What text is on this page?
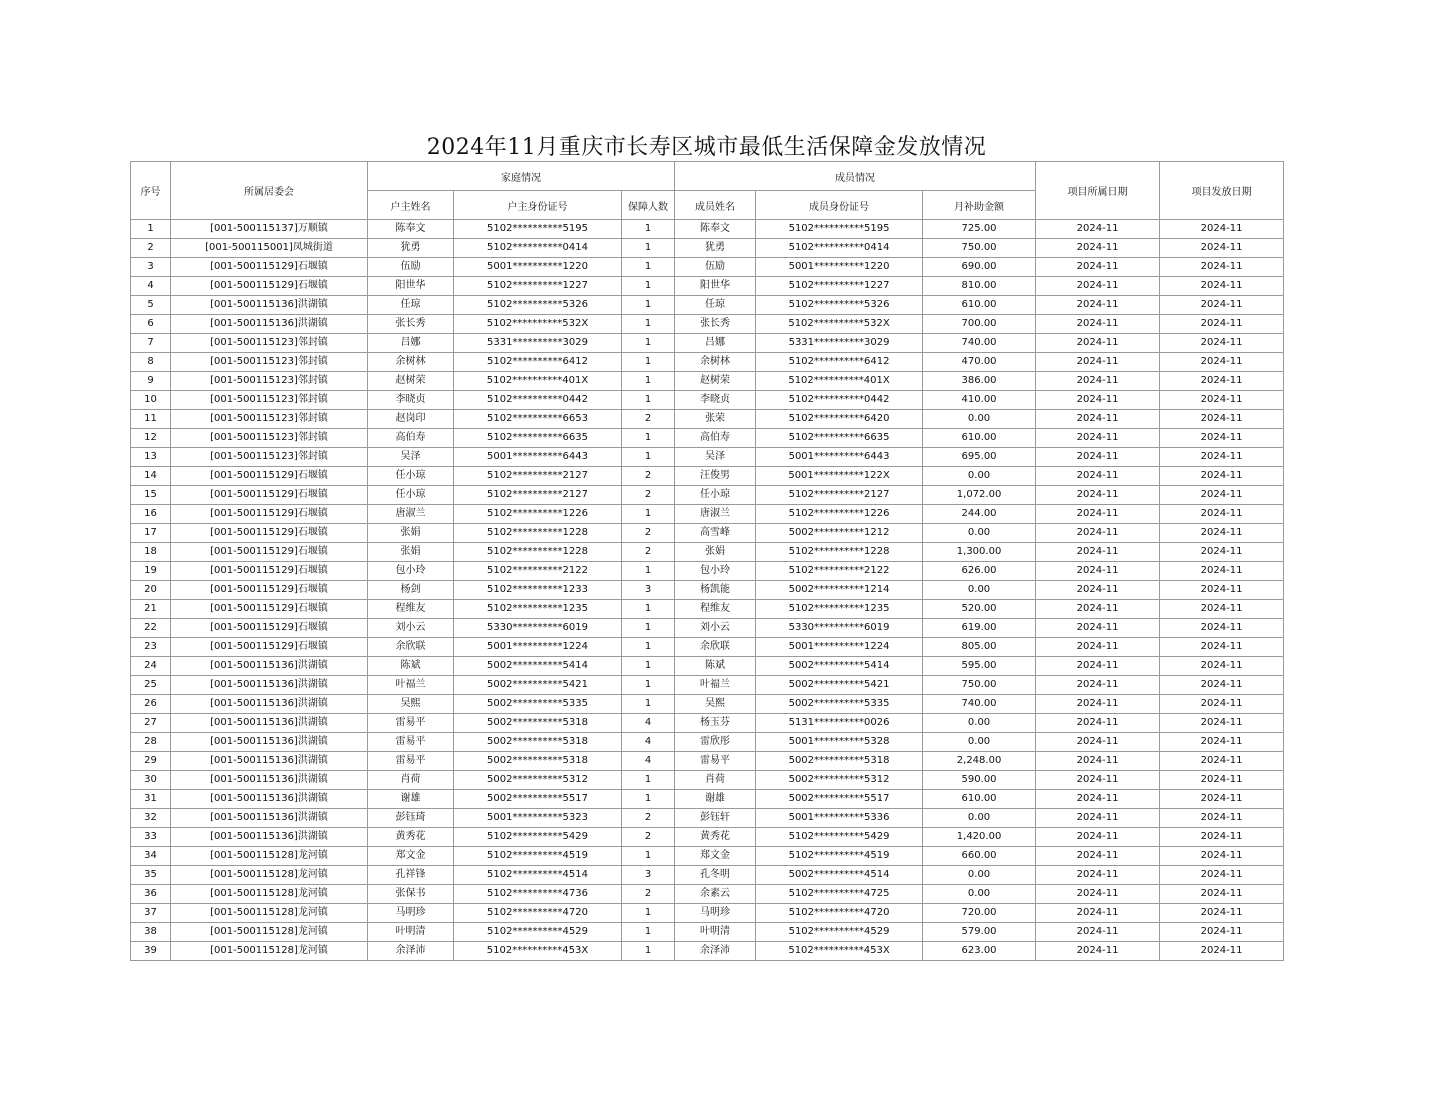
2024年11月重庆市长寿区城市最低生活保障金发放情况
序号	所属居委会	家庭情况			成员情况			项目所属日期	项目发放日期
		户主姓名	户主身份证号	保障人数	成员姓名	成员身份证号	月补助金额		
1	[001-500115137]万顺镇	陈奉文	5102**********5195	1	陈奉文	5102**********5195	725.00	2024-11	2024-11
2	[001-500115001]凤城街道	犹勇	5102**********0414	1	犹勇	5102**********0414	750.00	2024-11	2024-11
3	[001-500115129]石堰镇	伍励	5001**********1220	1	伍励	5001**********1220	690.00	2024-11	2024-11
4	[001-500115129]石堰镇	阳世华	5102**********1227	1	阳世华	5102**********1227	810.00	2024-11	2024-11
5	[001-500115136]洪湖镇	任琼	5102**********5326	1	任琼	5102**********5326	610.00	2024-11	2024-11
6	[001-500115136]洪湖镇	张长秀	5102**********532X	1	张长秀	5102**********532X	700.00	2024-11	2024-11
7	[001-500115123]邻封镇	吕娜	5331**********3029	1	吕娜	5331**********3029	740.00	2024-11	2024-11
8	[001-500115123]邻封镇	余树林	5102**********6412	1	余树林	5102**********6412	470.00	2024-11	2024-11
9	[001-500115123]邻封镇	赵树荣	5102**********401X	1	赵树荣	5102**********401X	386.00	2024-11	2024-11
10	[001-500115123]邻封镇	李晓贞	5102**********0442	1	李晓贞	5102**********0442	410.00	2024-11	2024-11
11	[001-500115123]邻封镇	赵岗印	5102**********6653	2	张荣	5102**********6420	0.00	2024-11	2024-11
12	[001-500115123]邻封镇	高伯寿	5102**********6635	1	高伯寿	5102**********6635	610.00	2024-11	2024-11
13	[001-500115123]邻封镇	吴泽	5001**********6443	1	吴泽	5001**********6443	695.00	2024-11	2024-11
14	[001-500115129]石堰镇	任小琼	5102**********2127	2	汪俊男	5001**********122X	0.00	2024-11	2024-11
15	[001-500115129]石堰镇	任小琼	5102**********2127	2	任小琼	5102**********2127	1,072.00	2024-11	2024-11
16	[001-500115129]石堰镇	唐淑兰	5102**********1226	1	唐淑兰	5102**********1226	244.00	2024-11	2024-11
17	[001-500115129]石堰镇	张娟	5102**********1228	2	高雪峰	5002**********1212	0.00	2024-11	2024-11
18	[001-500115129]石堰镇	张娟	5102**********1228	2	张娟	5102**********1228	1,300.00	2024-11	2024-11
19	[001-500115129]石堰镇	包小玲	5102**********2122	1	包小玲	5102**********2122	626.00	2024-11	2024-11
20	[001-500115129]石堰镇	杨剑	5102**********1233	3	杨凯能	5002**********1214	0.00	2024-11	2024-11
21	[001-500115129]石堰镇	程维友	5102**********1235	1	程维友	5102**********1235	520.00	2024-11	2024-11
22	[001-500115129]石堰镇	刘小云	5330**********6019	1	刘小云	5330**********6019	619.00	2024-11	2024-11
23	[001-500115129]石堰镇	余欣联	5001**********1224	1	余欣联	5001**********1224	805.00	2024-11	2024-11
24	[001-500115136]洪湖镇	陈斌	5002**********5414	1	陈斌	5002**********5414	595.00	2024-11	2024-11
25	[001-500115136]洪湖镇	叶福兰	5002**********5421	1	叶福兰	5002**********5421	750.00	2024-11	2024-11
26	[001-500115136]洪湖镇	吴熙	5002**********5335	1	吴熙	5002**********5335	740.00	2024-11	2024-11
27	[001-500115136]洪湖镇	雷易平	5002**********5318	4	杨玉芬	5131**********0026	0.00	2024-11	2024-11
28	[001-500115136]洪湖镇	雷易平	5002**********5318	4	雷欣彤	5001**********5328	0.00	2024-11	2024-11
29	[001-500115136]洪湖镇	雷易平	5002**********5318	4	雷易平	5002**********5318	2,248.00	2024-11	2024-11
30	[001-500115136]洪湖镇	肖荷	5002**********5312	1	肖荷	5002**********5312	590.00	2024-11	2024-11
31	[001-500115136]洪湖镇	谢雄	5002**********5517	1	谢雄	5002**********5517	610.00	2024-11	2024-11
32	[001-500115136]洪湖镇	彭钰琦	5001**********5323	2	彭钰轩	5001**********5336	0.00	2024-11	2024-11
33	[001-500115136]洪湖镇	黄秀花	5102**********5429	2	黄秀花	5102**********5429	1,420.00	2024-11	2024-11
34	[001-500115128]龙河镇	郑文金	5102**********4519	1	郑文金	5102**********4519	660.00	2024-11	2024-11
35	[001-500115128]龙河镇	孔祥锋	5102**********4514	3	孔冬明	5002**********4514	0.00	2024-11	2024-11
36	[001-500115128]龙河镇	张保书	5102**********4736	2	余素云	5102**********4725	0.00	2024-11	2024-11
37	[001-500115128]龙河镇	马明珍	5102**********4720	1	马明珍	5102**********4720	720.00	2024-11	2024-11
38	[001-500115128]龙河镇	叶明清	5102**********4529	1	叶明清	5102**********4529	579.00	2024-11	2024-11
39	[001-500115128]龙河镇	余泽沛	5102**********453X	1	余泽沛	5102**********453X	623.00	2024-11	2024-11
